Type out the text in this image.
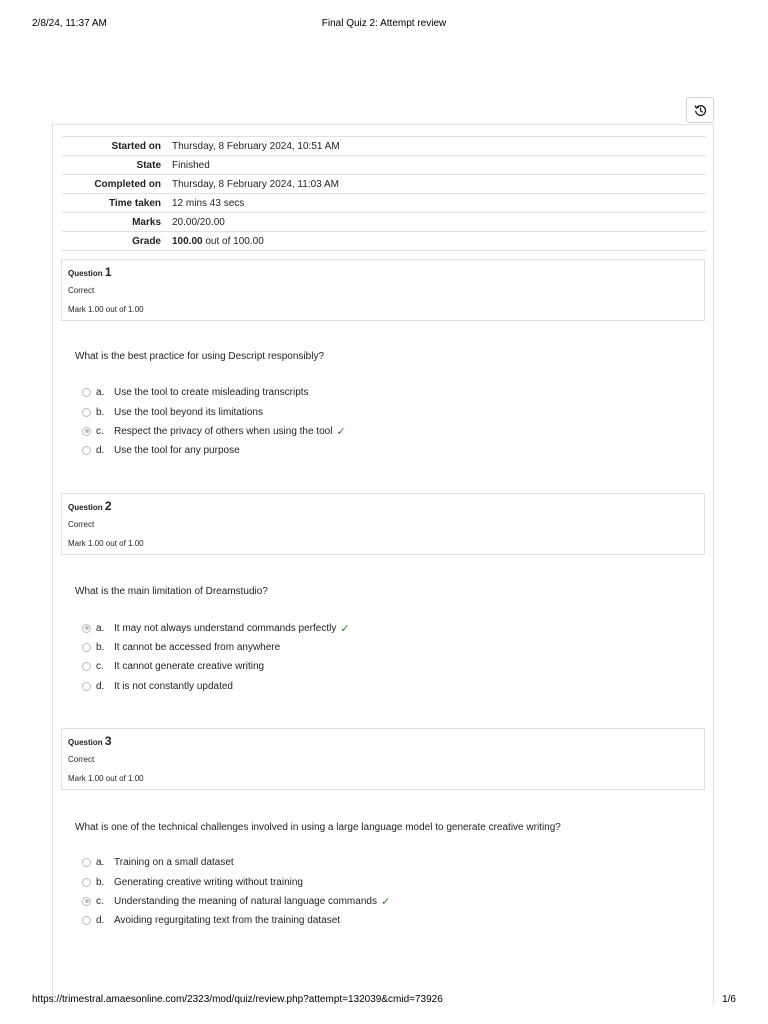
2/8/24, 11:37 AM	Final Quiz 2: Attempt review
Started on	Thursday, 8 February 2024, 10:51 AM
State	Finished
Completed on	Thursday, 8 February 2024, 11:03 AM
Time taken	12 mins 43 secs
Marks	20.00/20.00
Grade	100.00 out of 100.00
Question 1
Correct
Mark 1.00 out of 1.00
What is the best practice for using Descript responsibly?
a. Use the tool to create misleading transcripts
b. Use the tool beyond its limitations
c.	Respect the privacy of others when using the tool ✓
d. Use the tool for any purpose
Question 2
Correct
Mark 1.00 out of 1.00
What is the main limitation of Dreamstudio?
a. It may not always understand commands perfectly ✓
b. It cannot be accessed from anywhere
c.	It cannot generate creative writing
d. It is not constantly updated
Question 3
Correct
Mark 1.00 out of 1.00
What is one of the technical challenges involved in using a large language model to generate creative writing?
a. Training on a small dataset
b. Generating creative writing without training
c.	Understanding the meaning of natural language commands ✓
d. Avoiding regurgitating text from the training dataset
https://trimestral.amaesonline.com/2323/mod/quiz/review.php?attempt=132039&cmid=73926	1/6
